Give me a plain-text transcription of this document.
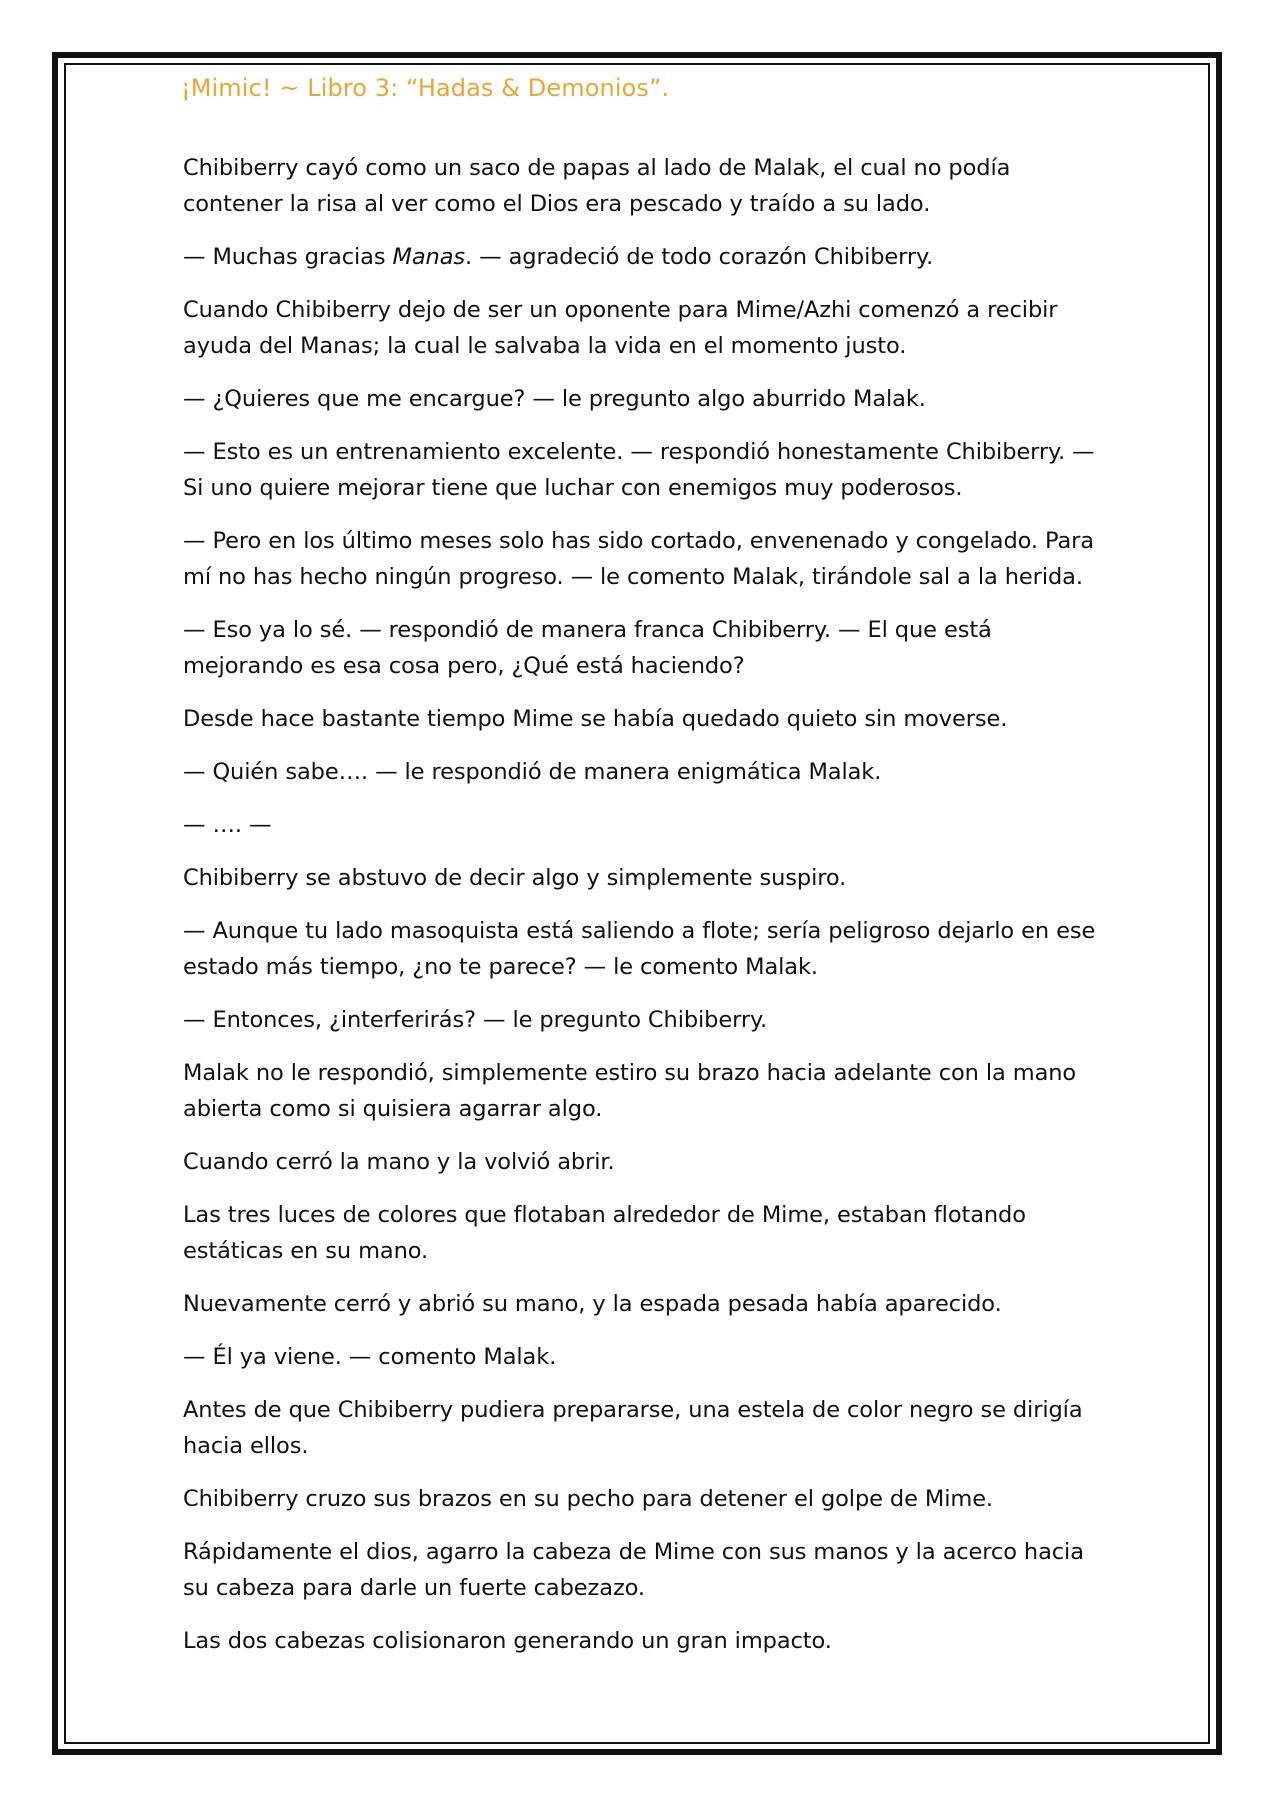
¡Mimic! ~ Libro 3: “Hadas & Demonios”.

Chibiberry cayó como un saco de papas al lado de Malak, el cual no podía contener la risa al ver como el Dios era pescado y traído a su lado.

— Muchas gracias Manas. — agradeció de todo corazón Chibiberry.

Cuando Chibiberry dejo de ser un oponente para Mime/Azhi comenzó a recibir ayuda del Manas; la cual le salvaba la vida en el momento justo.

— ¿Quieres que me encargue? — le pregunto algo aburrido Malak.

— Esto es un entrenamiento excelente. — respondió honestamente Chibiberry. — Si uno quiere mejorar tiene que luchar con enemigos muy poderosos.

— Pero en los último meses solo has sido cortado, envenenado y congelado. Para mí no has hecho ningún progreso. — le comento Malak, tirándole sal a la herida.

— Eso ya lo sé. — respondió de manera franca Chibiberry. — El que está mejorando es esa cosa pero, ¿Qué está haciendo?

Desde hace bastante tiempo Mime se había quedado quieto sin moverse.

— Quién sabe…. — le respondió de manera enigmática Malak.

— …. —

Chibiberry se abstuvo de decir algo y simplemente suspiro.

— Aunque tu lado masoquista está saliendo a flote; sería peligroso dejarlo en ese estado más tiempo, ¿no te parece? — le comento Malak.

— Entonces, ¿interferirás? — le pregunto Chibiberry.

Malak no le respondió, simplemente estiro su brazo hacia adelante con la mano abierta como si quisiera agarrar algo.

Cuando cerró la mano y la volvió abrir.

Las tres luces de colores que flotaban alrededor de Mime, estaban flotando estáticas en su mano.

Nuevamente cerró y abrió su mano, y la espada pesada había aparecido.

— Él ya viene. — comento Malak.

Antes de que Chibiberry pudiera prepararse, una estela de color negro se dirigía hacia ellos.

Chibiberry cruzo sus brazos en su pecho para detener el golpe de Mime.

Rápidamente el dios, agarro la cabeza de Mime con sus manos y la acerco hacia su cabeza para darle un fuerte cabezazo.

Las dos cabezas colisionaron generando un gran impacto.
